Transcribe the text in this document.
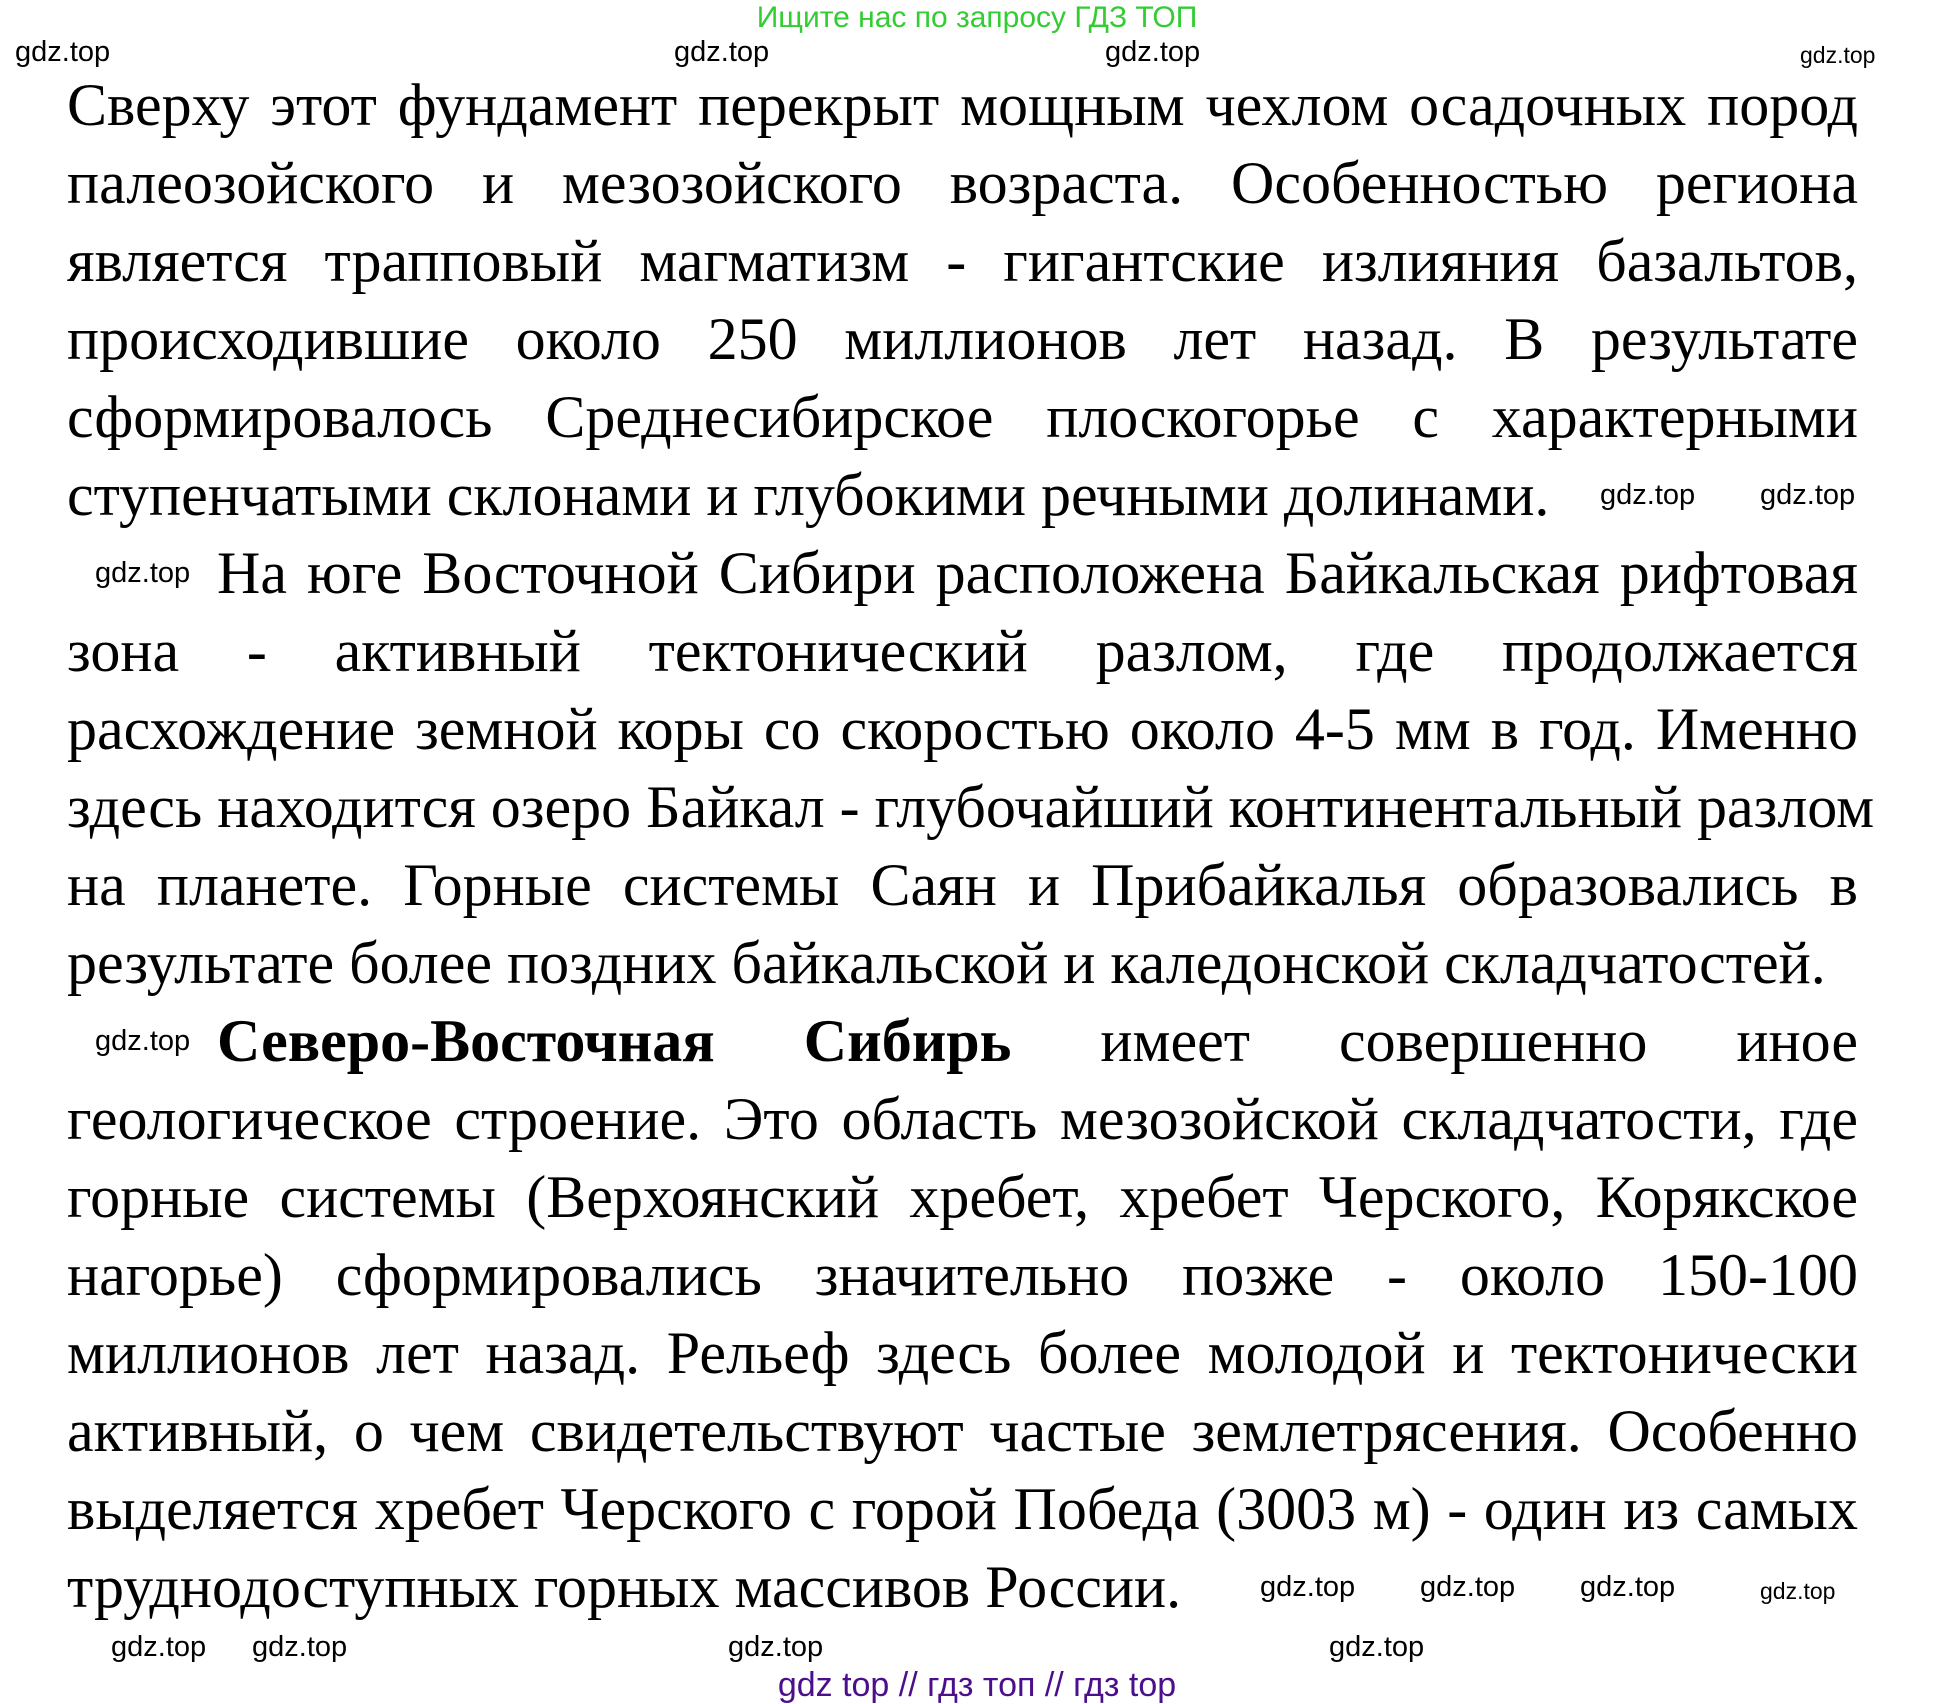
Ищите нас по запросу ГДЗ ТОП
Сверху этот фундамент перекрыт мощным чехлом осадочных пород
палеозойского и мезозойского возраста. Особенностью региона
является трапповый магматизм - гигантские излияния базальтов,
происходившие около 250 миллионов лет назад. В результате
сформировалось Среднесибирское плоскогорье с характерными
ступенчатыми склонами и глубокими речными долинами.
На юге Восточной Сибири расположена Байкальская рифтовая
зона - активный тектонический разлом, где продолжается
расхождение земной коры со скоростью около 4-5 мм в год. Именно
здесь находится озеро Байкал - глубочайший континентальный разлом
на планете. Горные системы Саян и Прибайкалья образовались в
результате более поздних байкальской и каледонской складчатостей.
Северо-Восточная Сибирь имеет совершенно иное
геологическое строение. Это область мезозойской складчатости, где
горные системы (Верхоянский хребет, хребет Черского, Корякское
нагорье) сформировались значительно позже - около 150-100
миллионов лет назад. Рельеф здесь более молодой и тектонически
активный, о чем свидетельствуют частые землетрясения. Особенно
выделяется хребет Черского с горой Победа (3003 м) - один из самых
труднодоступных горных массивов России.
gdz.top	gdz.top	gdz.top	gdz.top
gdz.top gdz.top
gdz.top
gdz.top
gdz.top gdz.top gdz.top	gdz.top
gdz.top gdz.top	gdz.top	gdz.top
gdz top // гдз топ // гдз top
